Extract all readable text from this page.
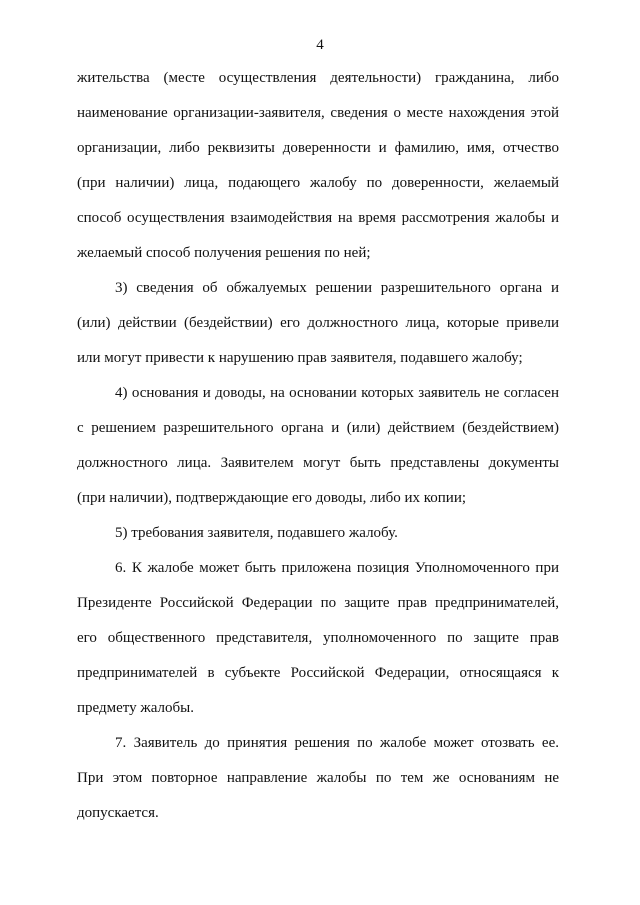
4
жительства (месте осуществления деятельности) гражданина, либо
наименование организации-заявителя, сведения о месте нахождения этой
организации, либо реквизиты доверенности и фамилию, имя, отчество
(при наличии) лица, подающего жалобу по доверенности, желаемый
способ осуществления взаимодействия на время рассмотрения жалобы и
желаемый способ получения решения по ней;
3) сведения об обжалуемых решении разрешительного органа и
(или) действии (бездействии) его должностного лица, которые привели
или могут привести к нарушению прав заявителя, подавшего жалобу;
4) основания и доводы, на основании которых заявитель не согласен
с решением разрешительного органа и (или) действием (бездействием)
должностного лица. Заявителем могут быть представлены документы
(при наличии), подтверждающие его доводы, либо их копии;
5) требования заявителя, подавшего жалобу.
6. К жалобе может быть приложена позиция Уполномоченного при
Президенте Российской Федерации по защите прав предпринимателей,
его общественного представителя, уполномоченного по защите прав
предпринимателей в субъекте Российской Федерации, относящаяся к
предмету жалобы.
7. Заявитель до принятия решения по жалобе может отозвать ее.
При этом повторное направление жалобы по тем же основаниям не
допускается.
